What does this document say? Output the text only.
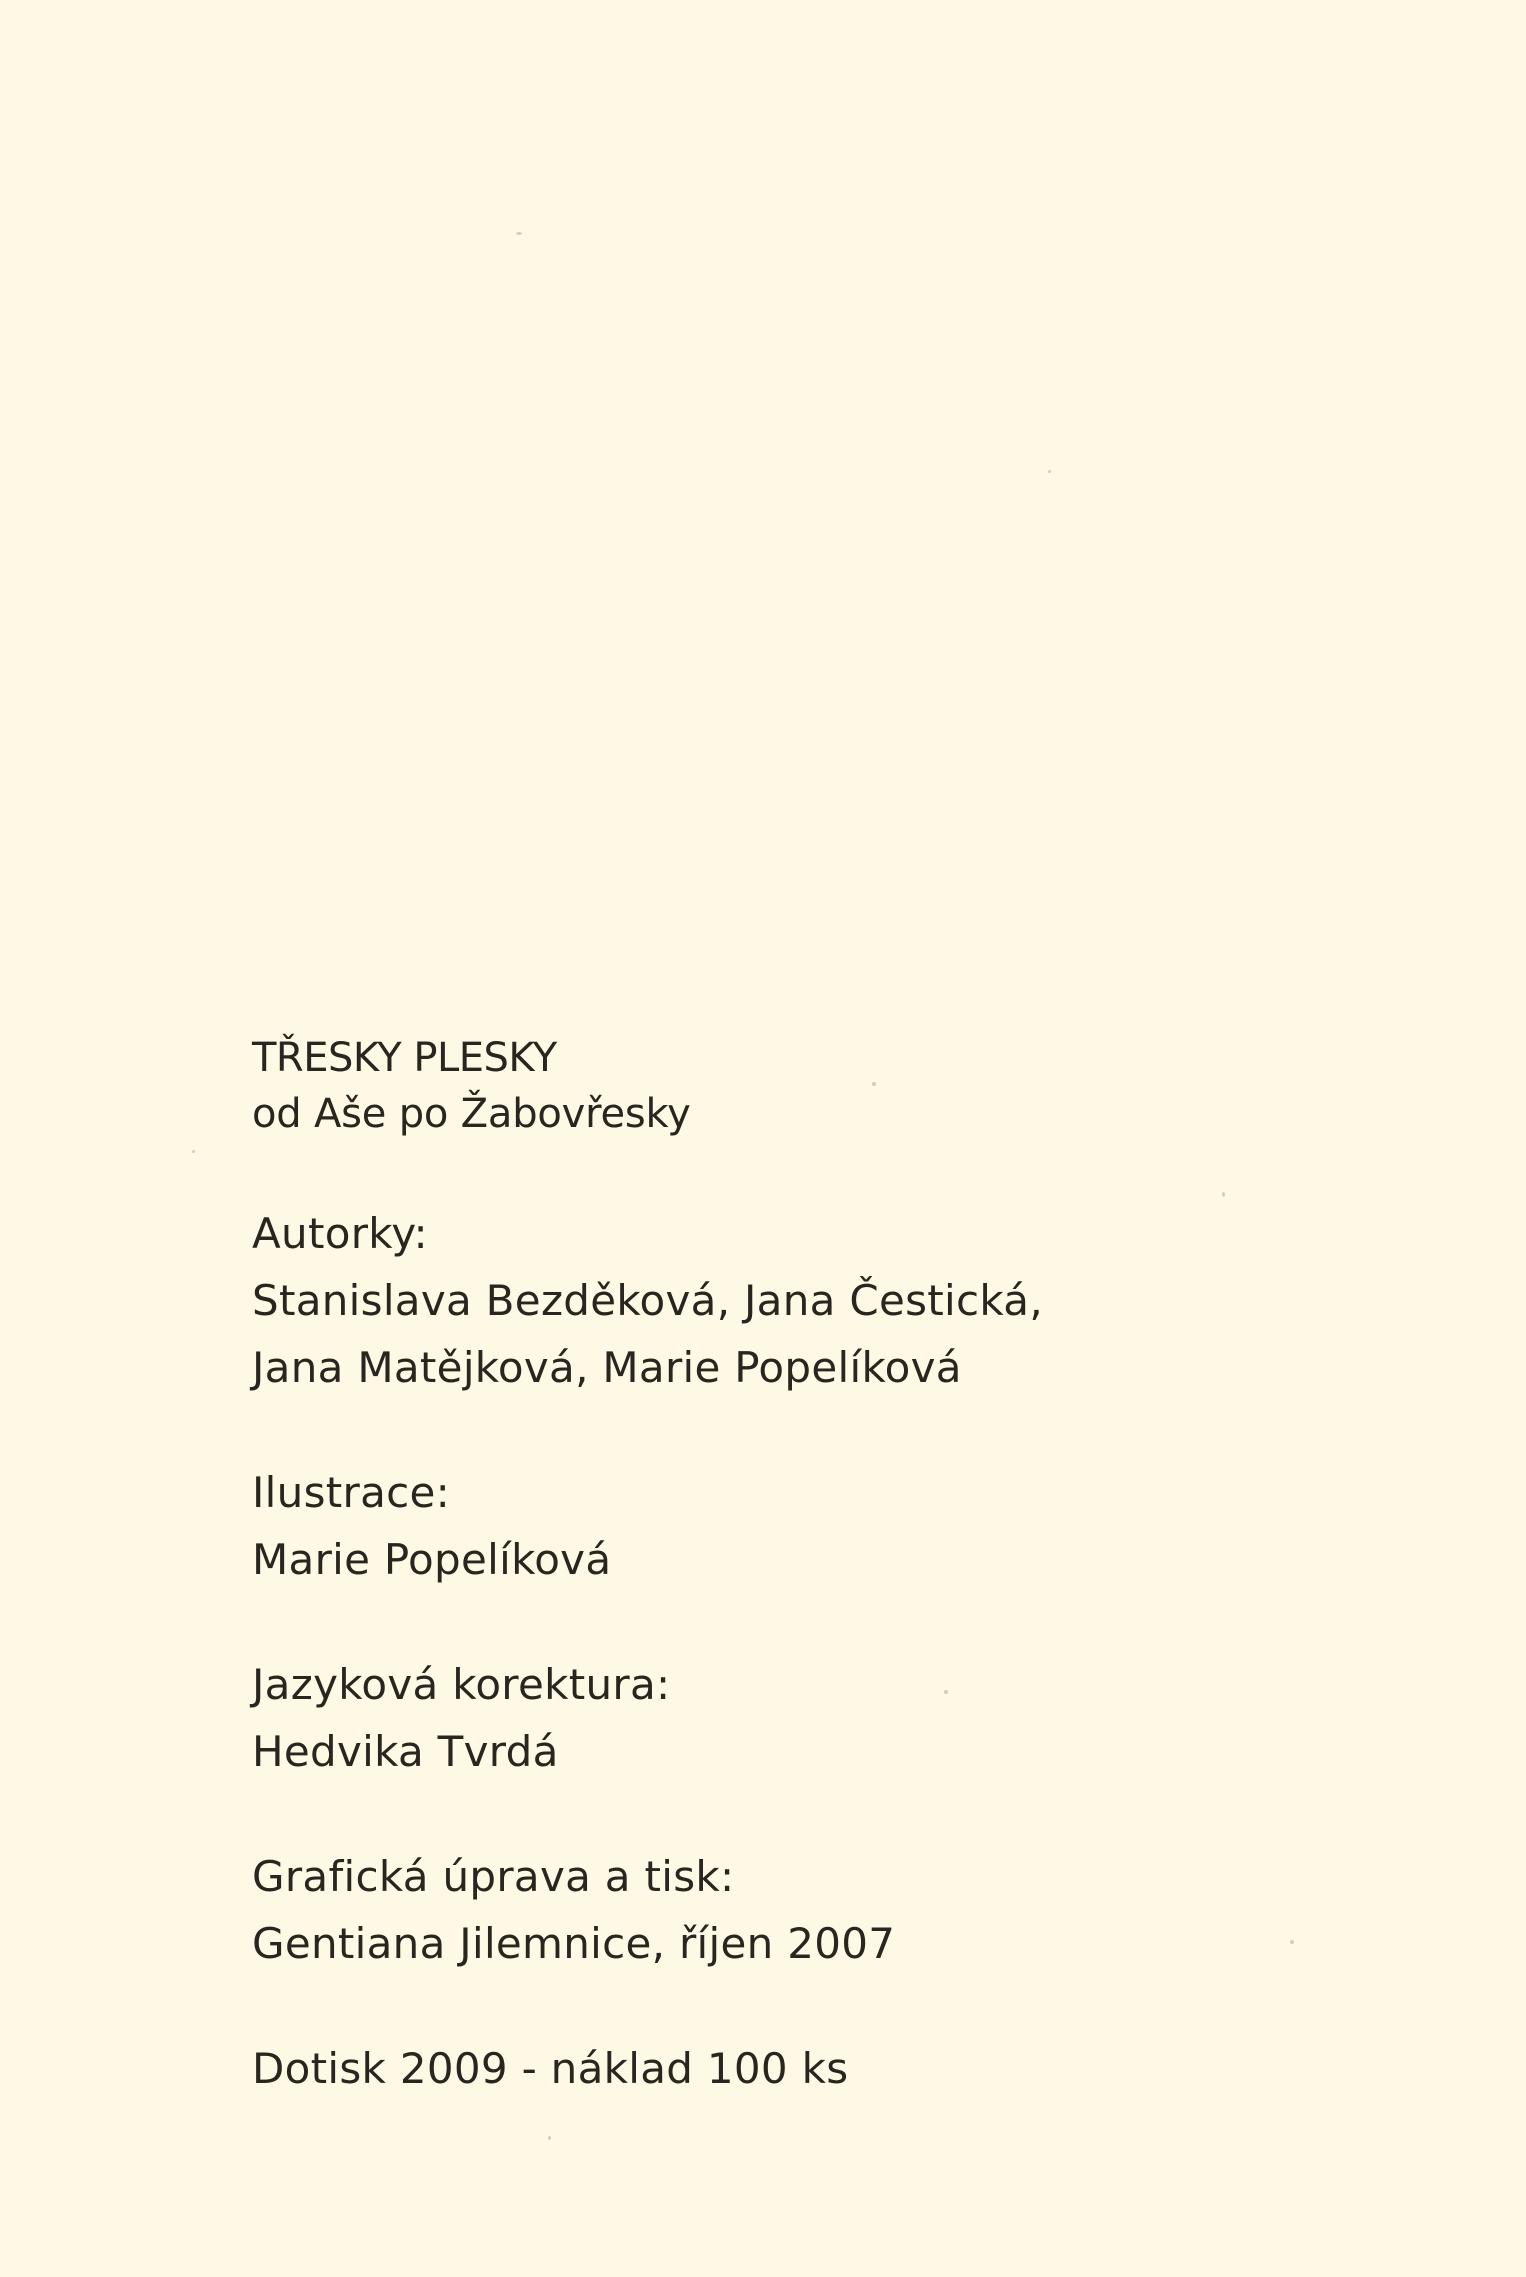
TŘESKY PLESKY
od Aše po Žabovřesky
Autorky:
Stanislava Bezděková, Jana Čestická,
Jana Matějková, Marie Popelíková
Ilustrace:
Marie Popelíková
Jazyková korektura:
Hedvika Tvrdá
Grafická úprava a tisk:
Gentiana Jilemnice, říjen 2007
Dotisk 2009 - náklad 100 ks
